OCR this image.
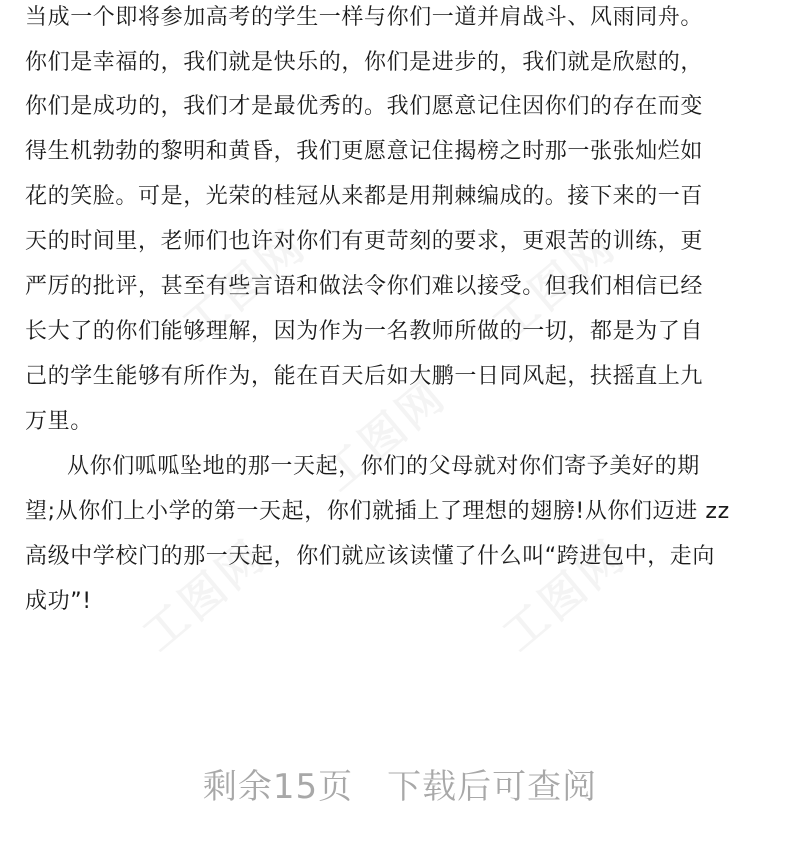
当成一个即将参加高考的学生一样与你们一道并肩战斗、风雨同舟。
你们是幸福的，我们就是快乐的，你们是进步的，我们就是欣慰的，
你们是成功的，我们才是最优秀的。我们愿意记住因你们的存在而变
得生机勃勃的黎明和黄昏，我们更愿意记住揭榜之时那一张张灿烂如
花的笑脸。可是，光荣的桂冠从来都是用荆棘编成的。接下来的一百
天的时间里，老师们也许对你们有更苛刻的要求，更艰苦的训练，更
严厉的批评，甚至有些言语和做法令你们难以接受。但我们相信已经
长大了的你们能够理解，因为作为一名教师所做的一切，都是为了自
己的学生能够有所作为，能在百天后如大鹏一日同风起，扶摇直上九
万里。
从你们呱呱坠地的那一天起，你们的父母就对你们寄予美好的期
望;从你们上小学的第一天起，你们就插上了理想的翅膀!从你们迈进 zz
高级中学校门的那一天起，你们就应该读懂了什么叫“跨进包中，走向
成功”!
剩余15页 下载后可查阅
